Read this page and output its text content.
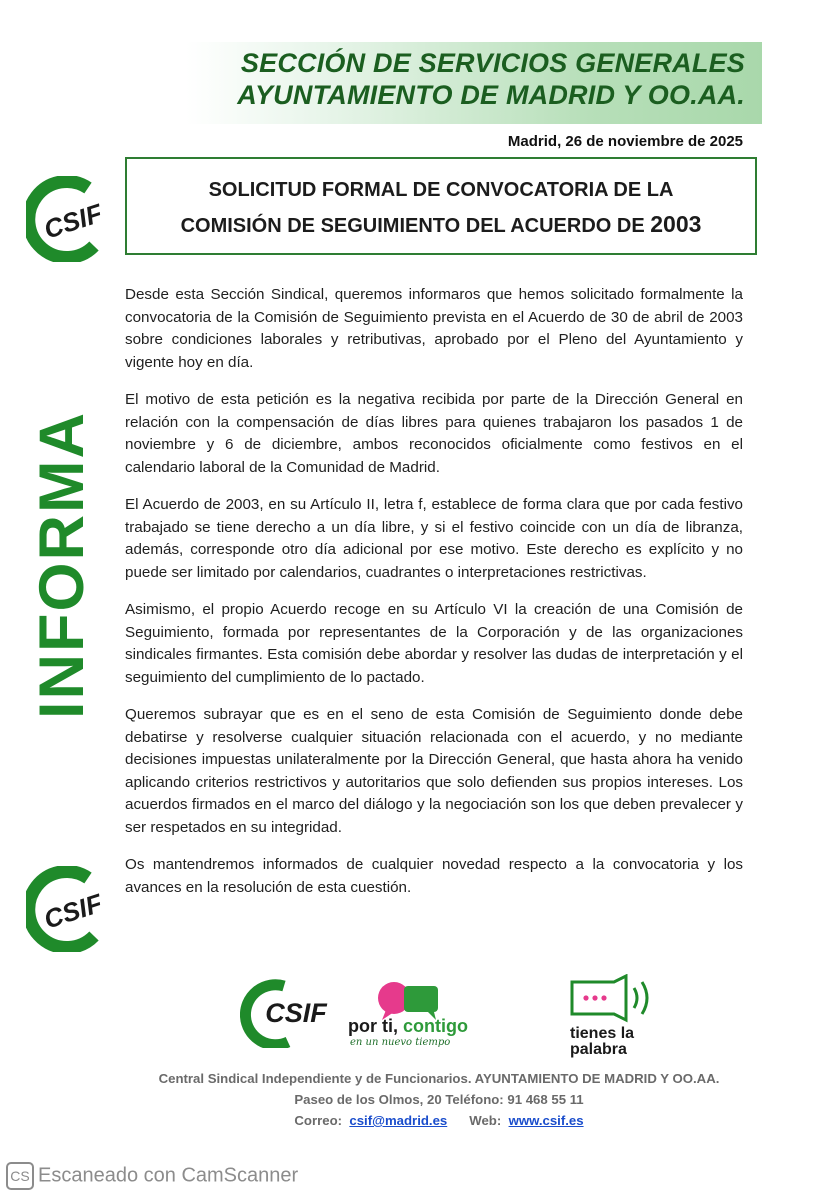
SECCIÓN DE SERVICIOS GENERALES
AYUNTAMIENTO DE MADRID Y OO.AA.
Madrid, 26 de noviembre de 2025
SOLICITUD FORMAL DE CONVOCATORIA DE LA
COMISIÓN DE SEGUIMIENTO DEL ACUERDO DE 2003
CSIF
INFORMA

Desde esta Sección Sindical, queremos informaros que hemos solicitado formalmente la convocatoria de la Comisión de Seguimiento prevista en el Acuerdo de 30 de abril de 2003 sobre condiciones laborales y retributivas, aprobado por el Pleno del Ayuntamiento y vigente hoy en día.

El motivo de esta petición es la negativa recibida por parte de la Dirección General en relación con la compensación de días libres para quienes trabajaron los pasados 1 de noviembre y 6 de diciembre, ambos reconocidos oficialmente como festivos en el calendario laboral de la Comunidad de Madrid.

El Acuerdo de 2003, en su Artículo II, letra f, establece de forma clara que por cada festivo trabajado se tiene derecho a un día libre, y si el festivo coincide con un día de libranza, además, corresponde otro día adicional por ese motivo. Este derecho es explícito y no puede ser limitado por calendarios, cuadrantes o interpretaciones restrictivas.

Asimismo, el propio Acuerdo recoge en su Artículo VI la creación de una Comisión de Seguimiento, formada por representantes de la Corporación y de las organizaciones sindicales firmantes. Esta comisión debe abordar y resolver las dudas de interpretación y el seguimiento del cumplimiento de lo pactado.

Queremos subrayar que es en el seno de esta Comisión de Seguimiento donde debe debatirse y resolverse cualquier situación relacionada con el acuerdo, y no mediante decisiones impuestas unilateralmente por la Dirección General, que hasta ahora ha venido aplicando criterios restrictivos y autoritarios que solo defienden sus propios intereses. Los acuerdos firmados en el marco del diálogo y la negociación son los que deben prevalecer y ser respetados en su integridad.

Os mantendremos informados de cualquier novedad respecto a la convocatoria y los avances en la resolución de esta cuestión.

CSIF
CSIF por ti, contigo
en un nuevo tiempo
tienes la
palabra
Central Sindical Independiente y de Funcionarios. AYUNTAMIENTO DE MADRID Y OO.AA.
Paseo de los Olmos, 20 Teléfono: 91 468 55 11
Correo: csif@madrid.es Web: www.csif.es
CS Escaneado con CamScanner
